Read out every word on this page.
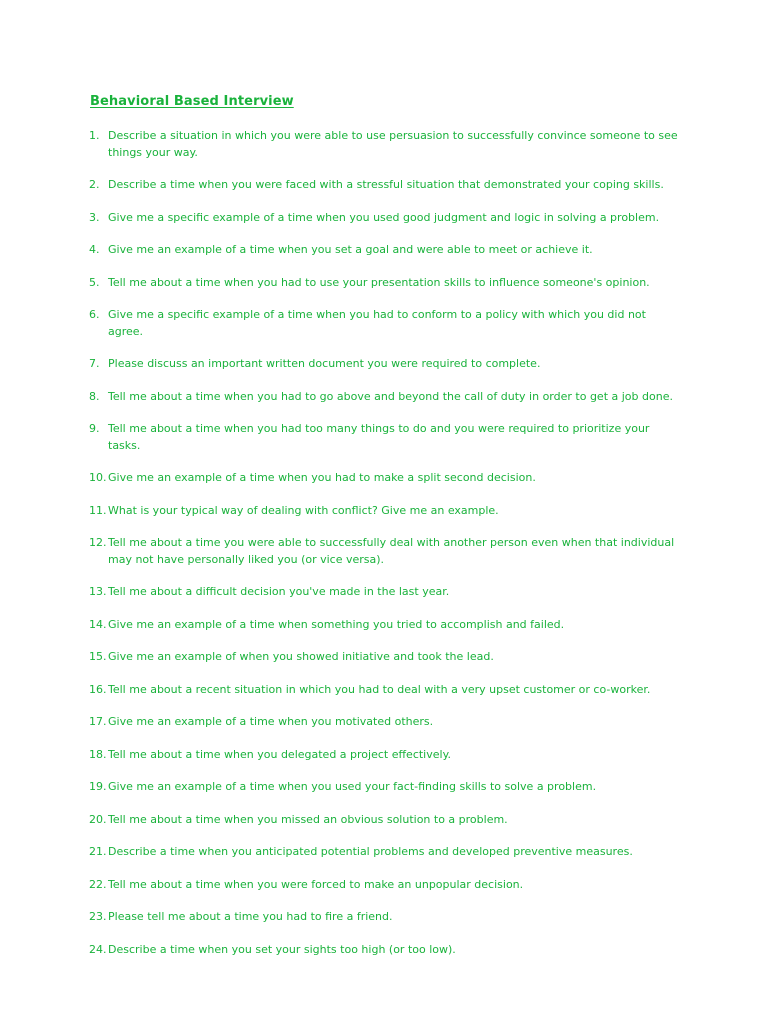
Behavioral Based Interview
1. Describe a situation in which you were able to use persuasion to successfully convince someone to see things your way.
2. Describe a time when you were faced with a stressful situation that demonstrated your coping skills.
3. Give me a specific example of a time when you used good judgment and logic in solving a problem.
4. Give me an example of a time when you set a goal and were able to meet or achieve it.
5. Tell me about a time when you had to use your presentation skills to influence someone's opinion.
6. Give me a specific example of a time when you had to conform to a policy with which you did not agree.
7. Please discuss an important written document you were required to complete.
8. Tell me about a time when you had to go above and beyond the call of duty in order to get a job done.
9. Tell me about a time when you had too many things to do and you were required to prioritize your tasks.
10. Give me an example of a time when you had to make a split second decision.
11. What is your typical way of dealing with conflict? Give me an example.
12. Tell me about a time you were able to successfully deal with another person even when that individual may not have personally liked you (or vice versa).
13. Tell me about a difficult decision you've made in the last year.
14. Give me an example of a time when something you tried to accomplish and failed.
15. Give me an example of when you showed initiative and took the lead.
16. Tell me about a recent situation in which you had to deal with a very upset customer or co-worker.
17. Give me an example of a time when you motivated others.
18. Tell me about a time when you delegated a project effectively.
19. Give me an example of a time when you used your fact-finding skills to solve a problem.
20. Tell me about a time when you missed an obvious solution to a problem.
21. Describe a time when you anticipated potential problems and developed preventive measures.
22. Tell me about a time when you were forced to make an unpopular decision.
23. Please tell me about a time you had to fire a friend.
24. Describe a time when you set your sights too high (or too low).
